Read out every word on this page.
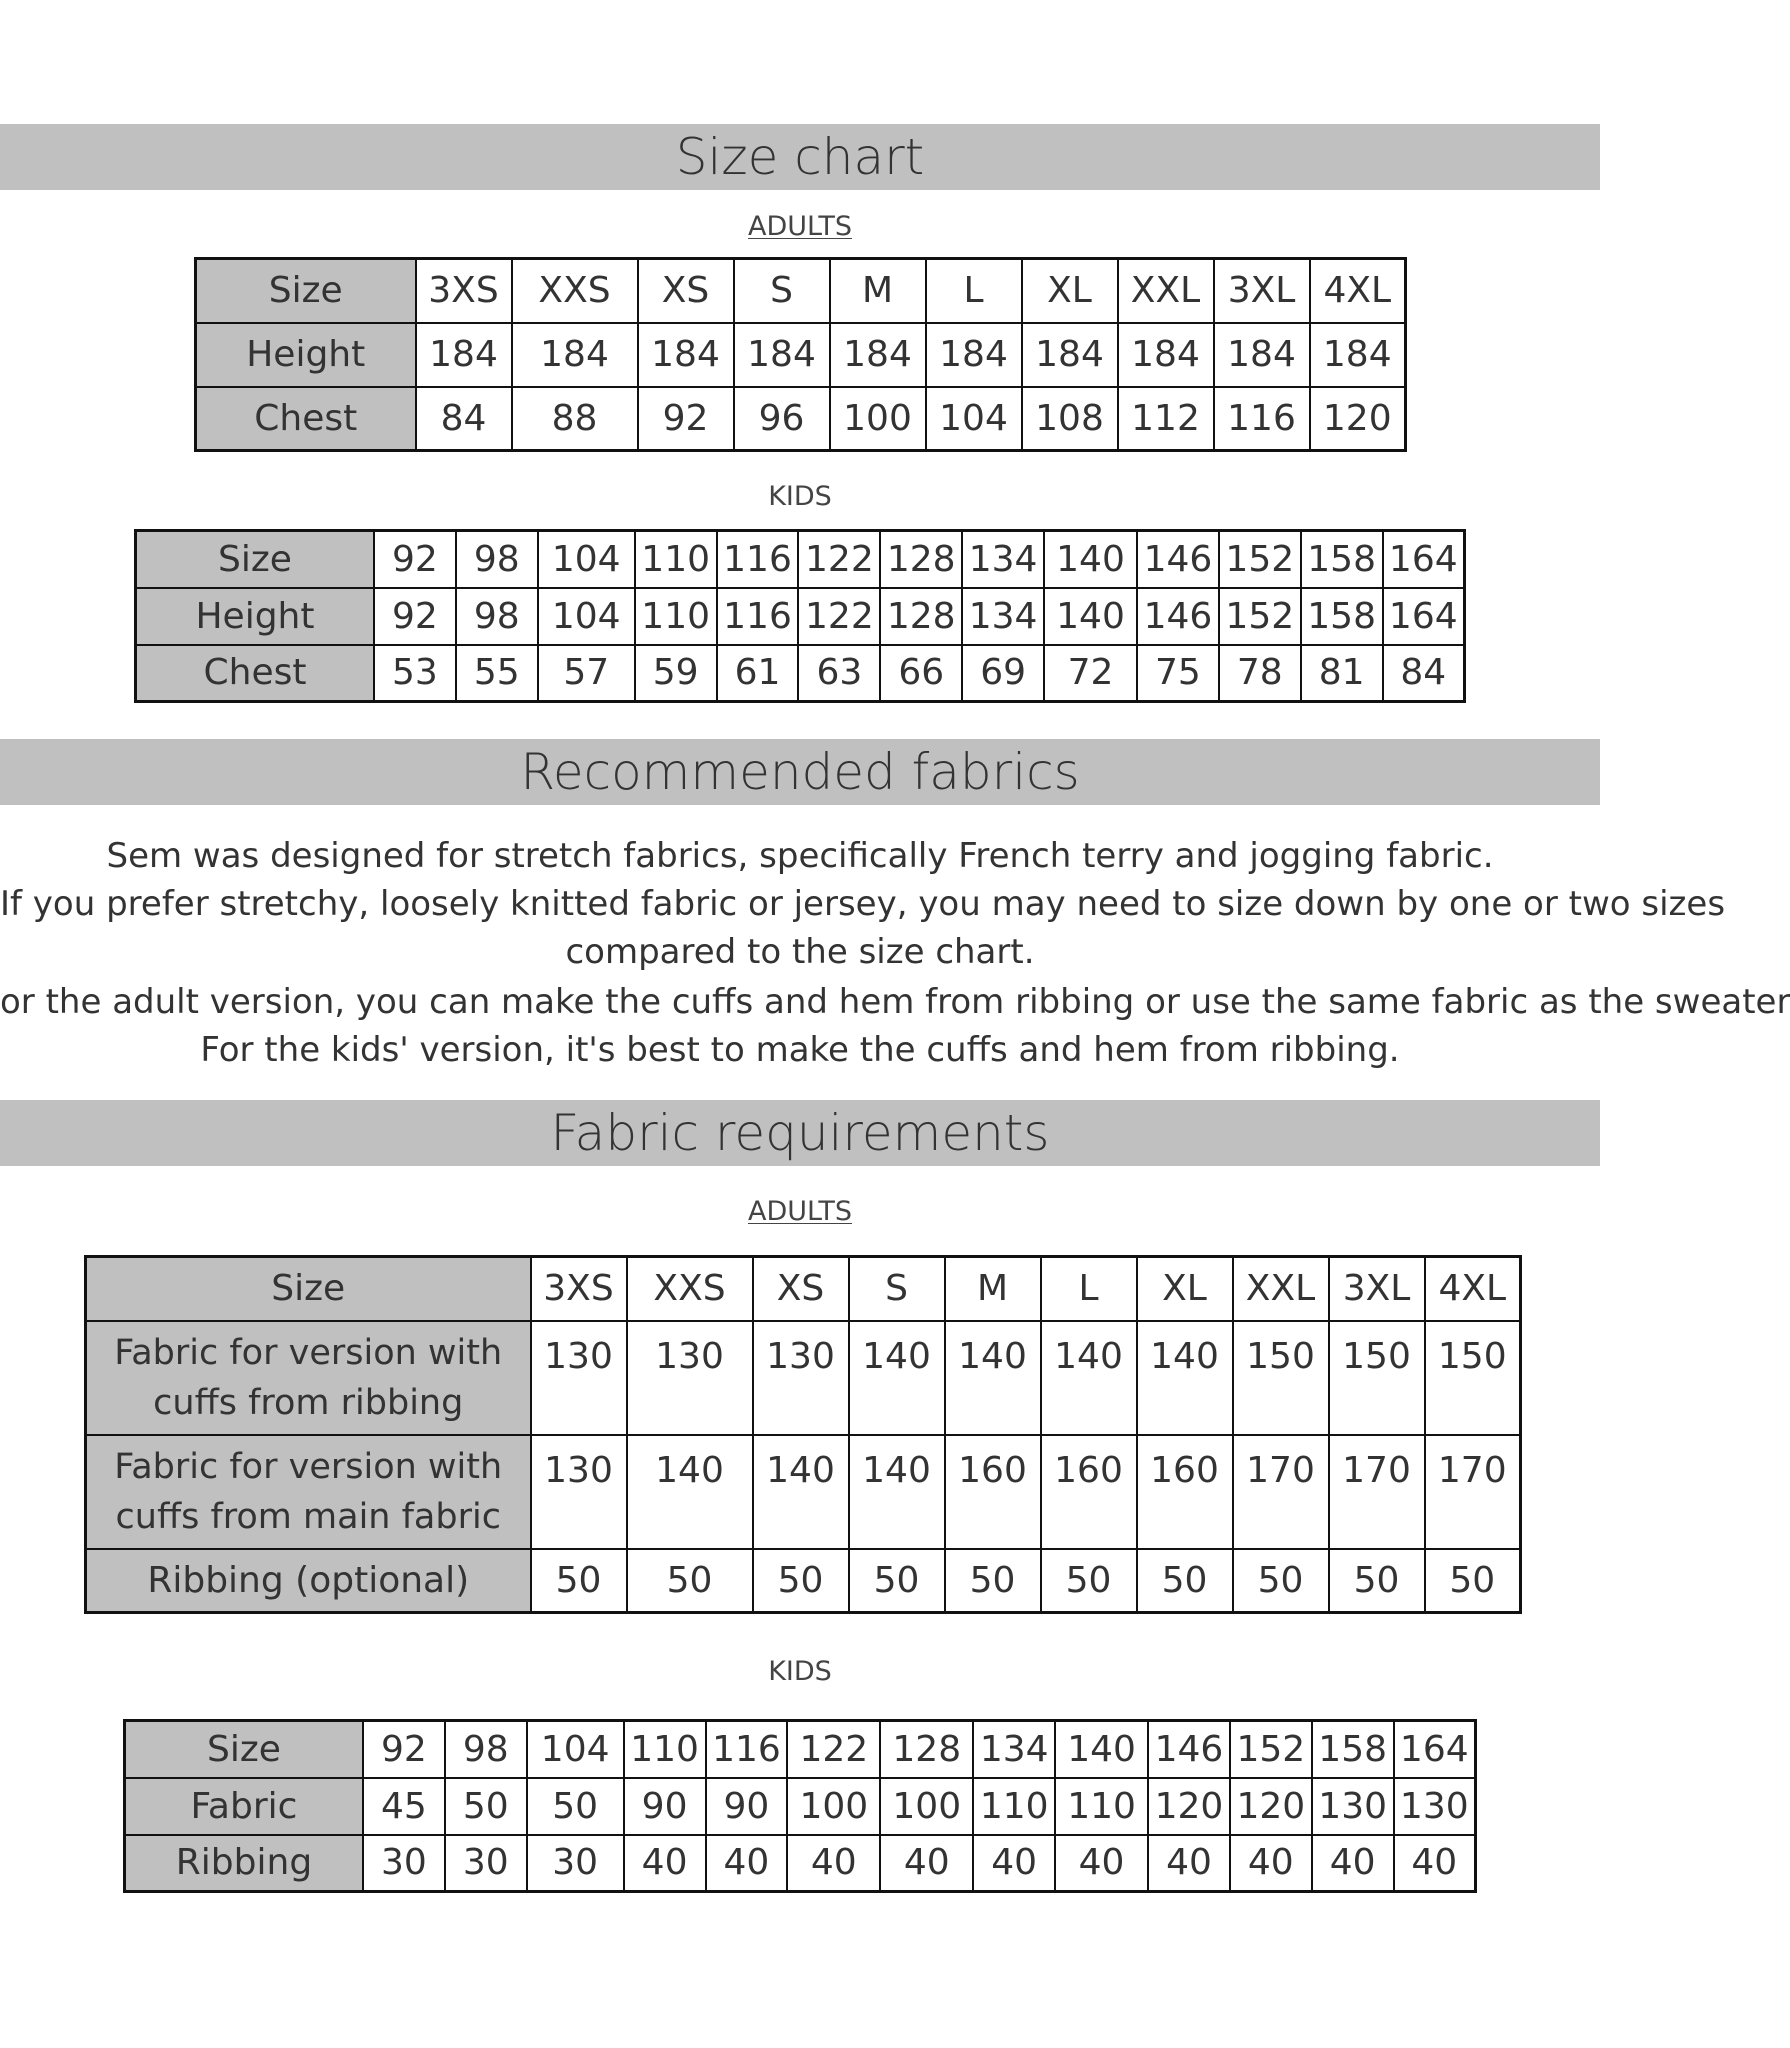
Size chart
ADULTS
Size	3XS	XXS	XS	S	M	L	XL	XXL	3XL	4XL
Height	184	184	184	184	184	184	184	184	184	184
Chest	84	88	92	96	100	104	108	112	116	120
KIDS
Size	92	98	104	110	116	122	128	134	140	146	152	158	164
Height	92	98	104	110	116	122	128	134	140	146	152	158	164
Chest	53	55	57	59	61	63	66	69	72	75	78	81	84
Recommended fabrics
Sem was designed for stretch fabrics, specifically French terry and jogging fabric.
If you prefer stretchy, loosely knitted fabric or jersey, you may need to size down by one or two sizes
compared to the size chart.
or the adult version, you can make the cuffs and hem from ribbing or use the same fabric as the sweater
For the kids' version, it's best to make the cuffs and hem from ribbing.
Fabric requirements
ADULTS
Size	3XS	XXS	XS	S	M	L	XL	XXL	3XL	4XL
Fabric for version with cuffs from ribbing	130	130	130	140	140	140	140	150	150	150
Fabric for version with cuffs from main fabric	130	140	140	140	160	160	160	170	170	170
Ribbing (optional)	50	50	50	50	50	50	50	50	50	50
KIDS
Size	92	98	104	110	116	122	128	134	140	146	152	158	164
Fabric	45	50	50	90	90	100	100	110	110	120	120	130	130
Ribbing	30	30	30	40	40	40	40	40	40	40	40	40	40
